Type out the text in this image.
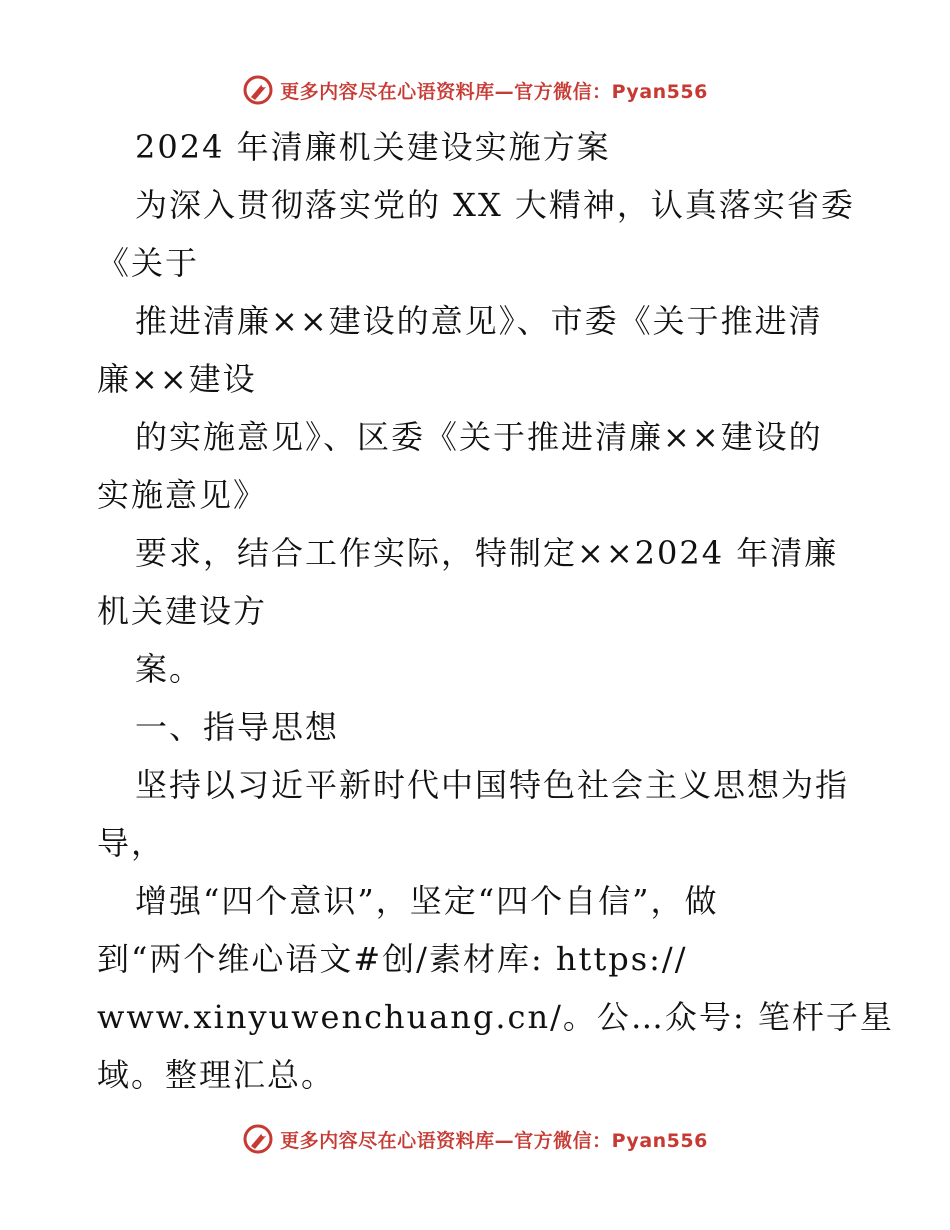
更多内容尽在心语资料库—官方微信：Pyan556
2024 年清廉机关建设实施方案
为深入贯彻落实党的 XX 大精神，认真落实省委
《关于
推进清廉××建设的意见》、市委《关于推进清
廉××建设
的实施意见》、区委《关于推进清廉××建设的
实施意见》
要求，结合工作实际，特制定××2024 年清廉
机关建设方
案。
一、指导思想
坚持以习近平新时代中国特色社会主义思想为指
导，
增强“四个意识”，坚定“四个自信”，做
到“两个维心语文#创/素材库: https://
www.xinyuwenchuang.cn/。公…众号: 笔杆子星
域。整理汇总。
更多内容尽在心语资料库—官方微信：Pyan556
